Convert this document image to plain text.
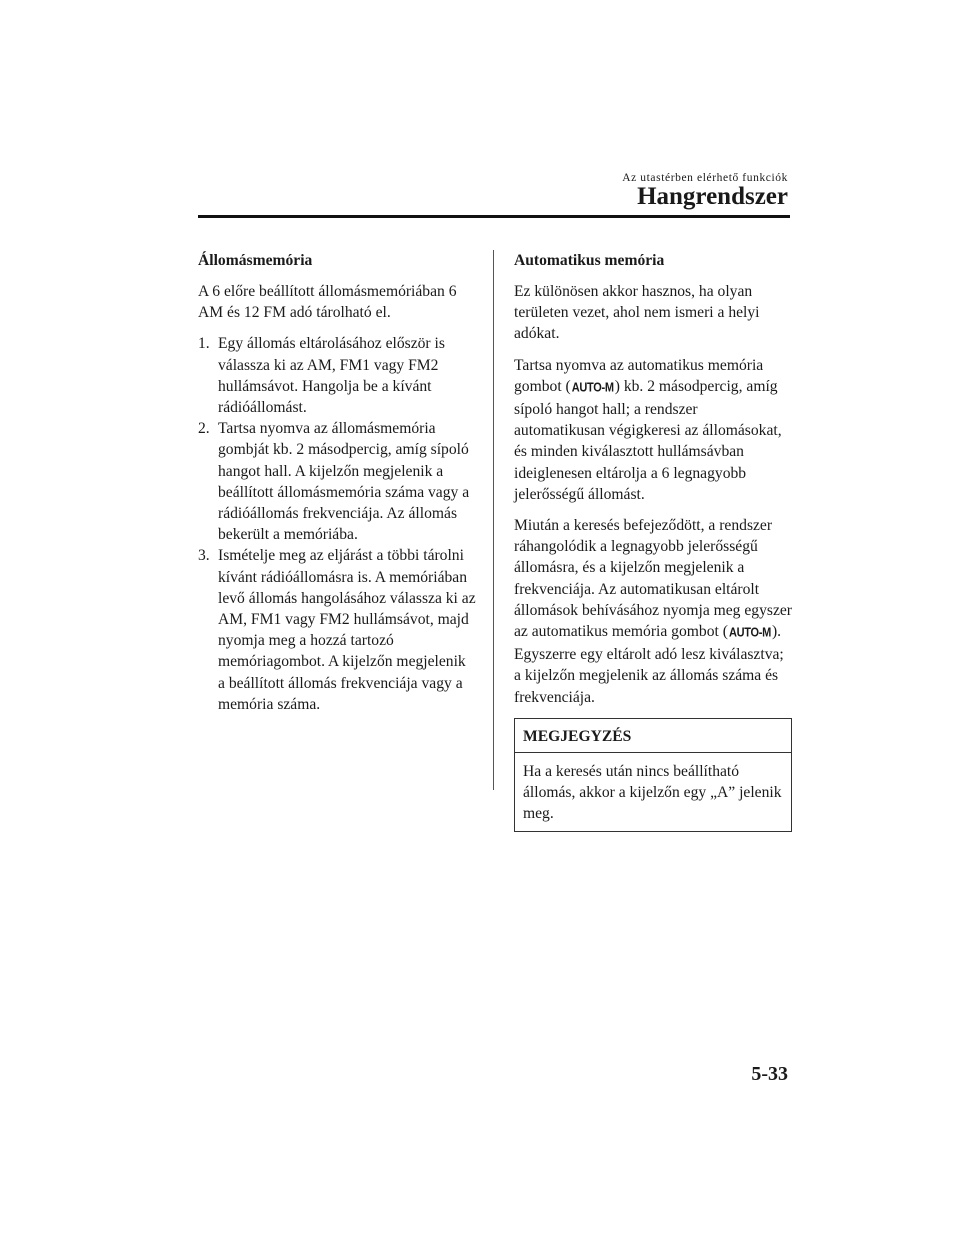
Az utastérben elérhető funkciók
Hangrendszer
Állomásmemória

A 6 előre beállított állomásmemóriában 6 AM és 12 FM adó tárolható el.

1. Egy állomás eltárolásához először is válassza ki az AM, FM1 vagy FM2 hullámsávot. Hangolja be a kívánt rádióállomást.
2. Tartsa nyomva az állomásmemória gombját kb. 2 másodpercig, amíg sípoló hangot hall. A kijelzőn megjelenik a beállított állomásmemória száma vagy a rádióállomás frekvenciája. Az állomás bekerült a memóriába.
3. Ismételje meg az eljárást a többi tárolni kívánt rádióállomásra is. A memóriában levő állomás hangolásához válassza ki az AM, FM1 vagy FM2 hullámsávot, majd nyomja meg a hozzá tartozó memóriagombot. A kijelzőn megjelenik a beállított állomás frekvenciája vagy a memória száma.
Automatikus memória

Ez különösen akkor hasznos, ha olyan területen vezet, ahol nem ismeri a helyi adókat.

Tartsa nyomva az automatikus memória gombot (AUTO-M) kb. 2 másodpercig, amíg sípoló hangot hall; a rendszer automatikusan végigkeresi az állomásokat, és minden kiválasztott hullámsávban ideiglenesen eltárolja a 6 legnagyobb jelerősségű állomást.

Miután a keresés befejeződött, a rendszer ráhangolódik a legnagyobb jelerősségű állomásra, és a kijelzőn megjelenik a frekvenciája. Az automatikusan eltárolt állomások behívásához nyomja meg egyszer az automatikus memória gombot (AUTO-M). Egyszerre egy eltárolt adó lesz kiválasztva; a kijelzőn megjelenik az állomás száma és frekvenciája.

MEGJEGYZÉS
Ha a keresés után nincs beállítható állomás, akkor a kijelzőn egy „A” jelenik meg.
5-33
